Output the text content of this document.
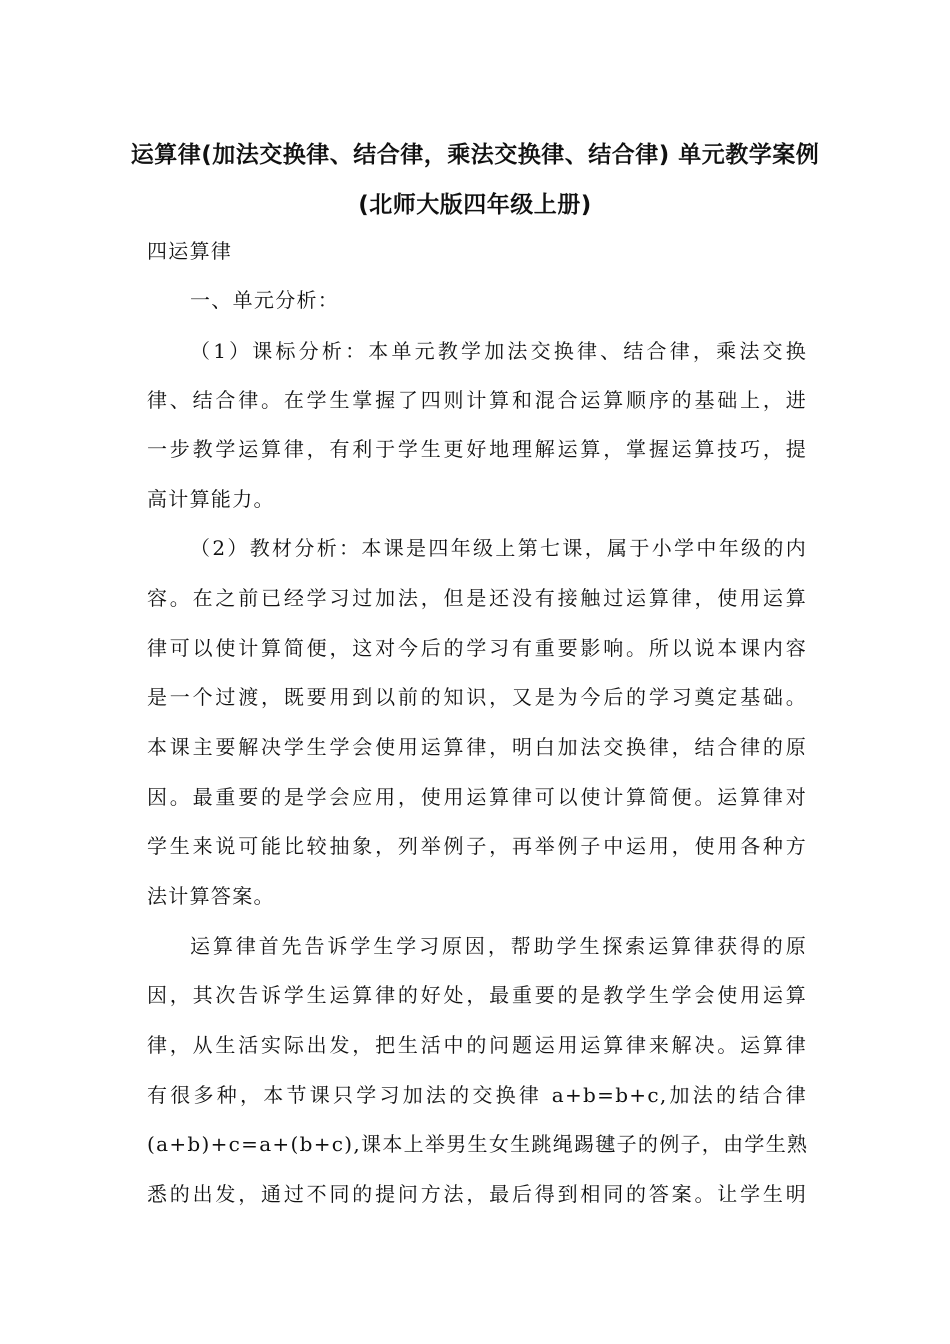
运算律(加法交换律、结合律，乘法交换律、结合律) 单元教学案例
(北师大版四年级上册)
四运算律
一、单元分析：
（1）课标分析：本单元教学加法交换律、结合律，乘法交换
律、结合律。在学生掌握了四则计算和混合运算顺序的基础上，进
一步教学运算律，有利于学生更好地理解运算，掌握运算技巧，提
高计算能力。
（2）教材分析：本课是四年级上第七课，属于小学中年级的内
容。在之前已经学习过加法，但是还没有接触过运算律，使用运算
律可以使计算简便，这对今后的学习有重要影响。所以说本课内容
是一个过渡，既要用到以前的知识，又是为今后的学习奠定基础。
本课主要解决学生学会使用运算律，明白加法交换律，结合律的原
因。最重要的是学会应用，使用运算律可以使计算简便。运算律对
学生来说可能比较抽象，列举例子，再举例子中运用，使用各种方
法计算答案。
运算律首先告诉学生学习原因，帮助学生探索运算律获得的原
因，其次告诉学生运算律的好处，最重要的是教学生学会使用运算
律，从生活实际出发，把生活中的问题运用运算律来解决。运算律
有很多种，本节课只学习加法的交换律 a+b=b+c,加法的结合律
(a+b)+c=a+(b+c),课本上举男生女生跳绳踢毽子的例子，由学生熟
悉的出发，通过不同的提问方法，最后得到相同的答案。让学生明
